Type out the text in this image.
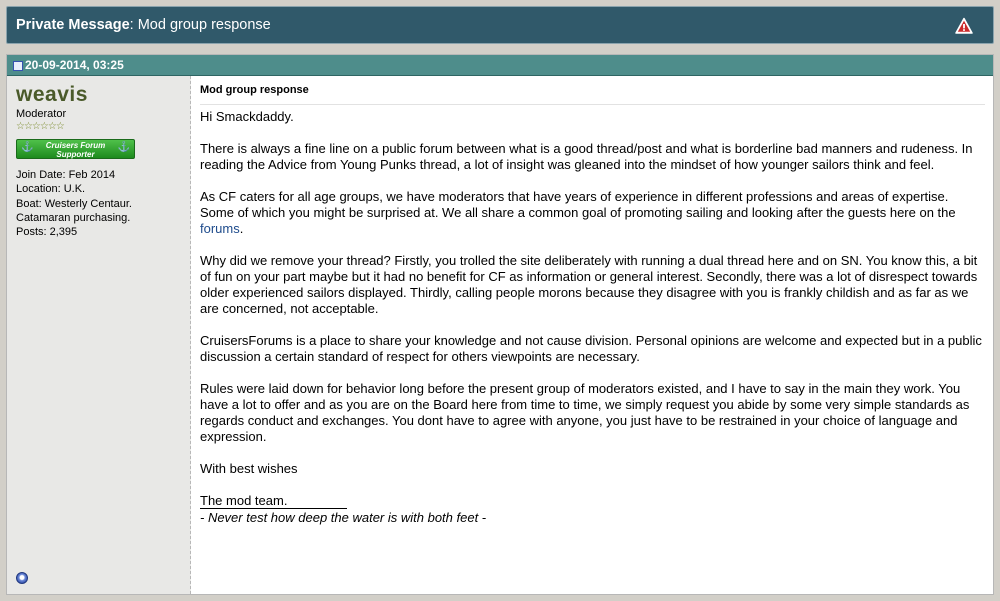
Private Message: Mod group response
20-09-2014, 03:25
weavis
Moderator
☆☆☆☆☆☆
⚓	Cruisers Forum
Supporter
⚓
Join Date: Feb 2014
Location: U.K.
Boat: Westerly Centaur.
Catamaran purchasing.
Posts: 2,395
Mod group response

Hi Smackdaddy.

There is always a fine line on a public forum between what is a good thread/post and what is borderline bad manners and rudeness. In reading the Advice from Young Punks thread, a lot of insight was gleaned into the mindset of how younger sailors think and feel.

As CF caters for all age groups, we have moderators that have years of experience in different professions and areas of expertise. Some of which you might be surprised at. We all share a common goal of promoting sailing and looking after the guests here on the forums.

Why did we remove your thread? Firstly, you trolled the site deliberately with running a dual thread here and on SN. You know this, a bit of fun on your part maybe but it had no benefit for CF as information or general interest. Secondly, there was a lot of disrespect towards older experienced sailors displayed. Thirdly, calling people morons because they disagree with you is frankly childish and as far as we are concerned, not acceptable.

CruisersForums is a place to share your knowledge and not cause division. Personal opinions are welcome and expected but in a public discussion a certain standard of respect for others viewpoints are necessary.

Rules were laid down for behavior long before the present group of moderators existed, and I have to say in the main they work. You have a lot to offer and as you are on the Board here from time to time, we simply request you abide by some very simple standards as regards conduct and exchanges. You dont have to agree with anyone, you just have to be restrained in your choice of language and expression.

With best wishes

The mod team.

- Never test how deep the water is with both feet -
